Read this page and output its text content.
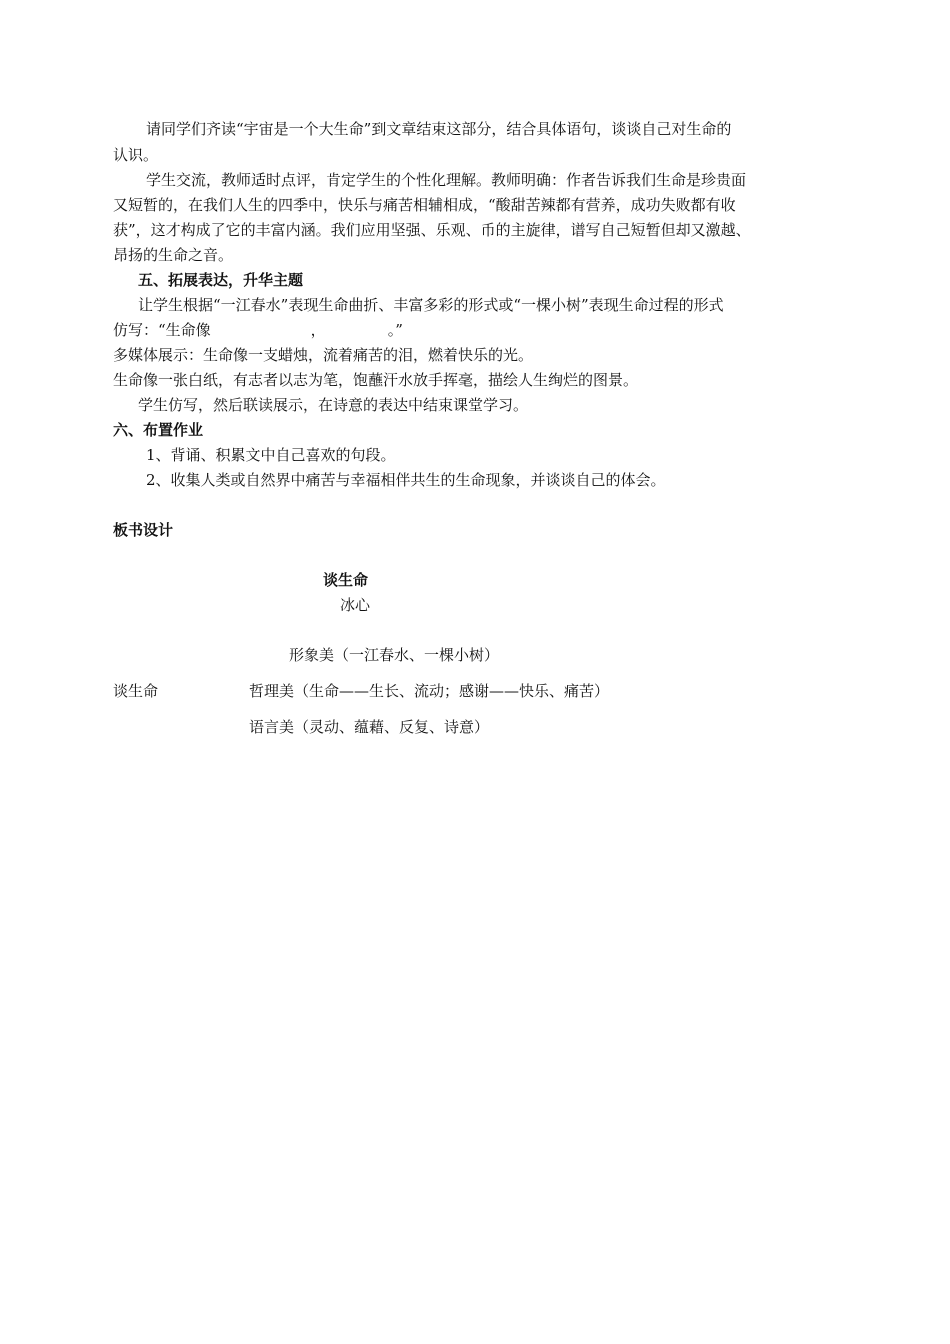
请同学们齐读“宇宙是一个大生命”到文章结束这部分，结合具体语句，谈谈自己对生命的
认识。
学生交流，教师适时点评，肯定学生的个性化理解。教师明确：作者告诉我们生命是珍贵面
又短暂的，在我们人生的四季中，快乐与痛苦相辅相成，“酸甜苦辣都有营养，成功失败都有收
获”，这才构成了它的丰富内涵。我们应用坚强、乐观、币的主旋律，谱写自己短暂但却又激越、
昂扬的生命之音。
五、拓展表达，升华主题
让学生根据“一江春水”表现生命曲折、丰富多彩的形式或“一棵小树”表现生命过程的形式
仿写：“生命像	，	。”
多媒体展示：生命像一支蜡烛，流着痛苦的泪，燃着快乐的光。
生命像一张白纸，有志者以志为笔，饱蘸汗水放手挥毫，描绘人生绚烂的图景。
学生仿写，然后联读展示，在诗意的表达中结束课堂学习。
六、布置作业
1、背诵、积累文中自己喜欢的句段。
2、收集人类或自然界中痛苦与幸福相伴共生的生命现象，并谈谈自己的体会。
板书设计
谈生命
冰心
形象美（一江春水、一棵小树）
谈生命	哲理美（生命——生长、流动；感谢——快乐、痛苦）
语言美（灵动、蕴藉、反复、诗意）
